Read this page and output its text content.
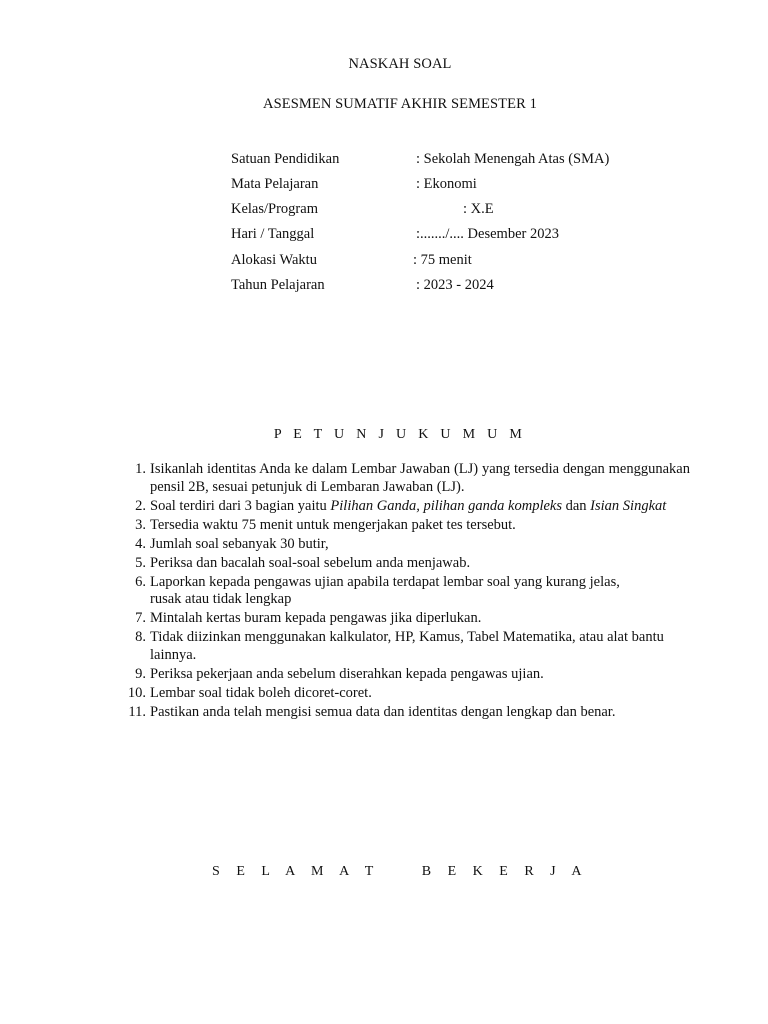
NASKAH SOAL
ASESMEN SUMATIF AKHIR SEMESTER 1
Satuan Pendidikan	: Sekolah Menengah Atas (SMA)
Mata Pelajaran	: Ekonomi
Kelas/Program	: X.E
Hari / Tanggal	:......./.... Desember 2023
Alokasi Waktu	: 75 menit
Tahun Pelajaran	: 2023 - 2024
P E T U N J U K U M U M
1. Isikanlah identitas Anda ke dalam Lembar Jawaban (LJ) yang tersedia dengan menggunakan pensil 2B, sesuai petunjuk di Lembaran Jawaban (LJ).
2. Soal terdiri dari 3 bagian yaitu Pilihan Ganda, pilihan ganda kompleks dan Isian Singkat
3. Tersedia waktu 75 menit untuk mengerjakan paket tes tersebut.
4. Jumlah soal sebanyak 30 butir,
5. Periksa dan bacalah soal-soal sebelum anda menjawab.
6. Laporkan kepada pengawas ujian apabila terdapat lembar soal yang kurang jelas,
rusak atau tidak lengkap
7. Mintalah kertas buram kepada pengawas jika diperlukan.
8. Tidak diizinkan menggunakan kalkulator, HP, Kamus, Tabel Matematika, atau alat bantu lainnya.
9. Periksa pekerjaan anda sebelum diserahkan kepada pengawas ujian.
10. Lembar soal tidak boleh dicoret-coret.
11. Pastikan anda telah mengisi semua data dan identitas dengan lengkap dan benar.
S E L A M A T	B E K E R J A
